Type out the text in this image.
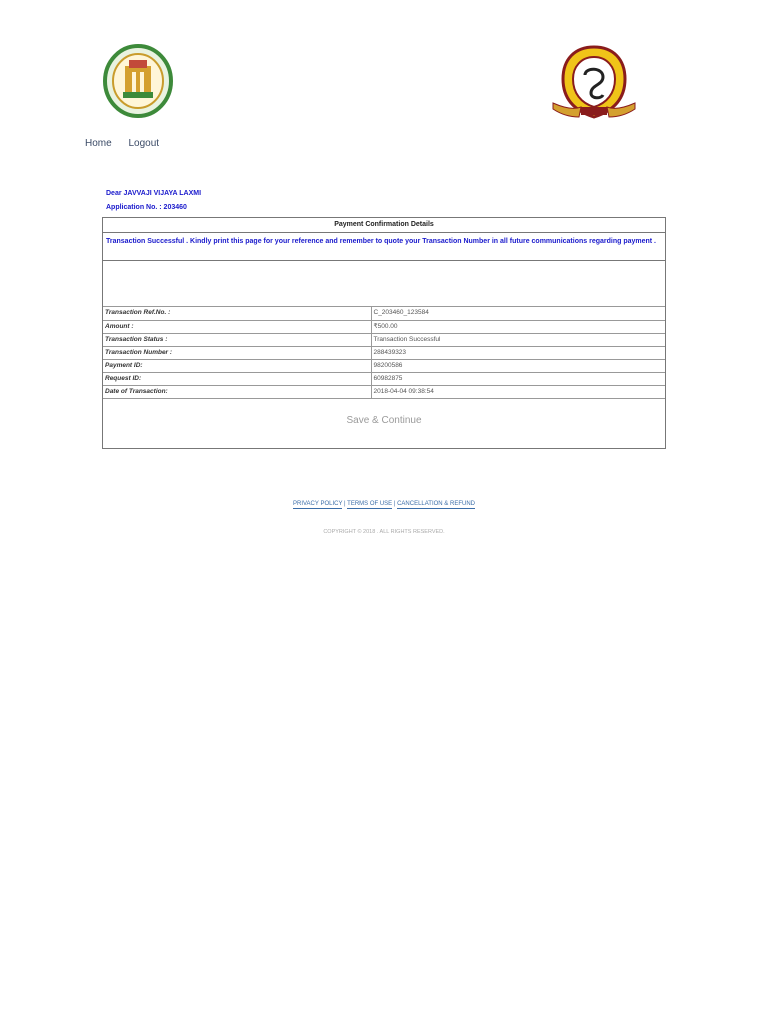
Home Logout
Dear JAVVAJI VIJAYA LAXMI
Application No. : 203460
Payment Confirmation Details
Transaction Successful . Kindly print this page for your reference and remember to quote your Transaction Number in all future communications regarding payment .
Transaction Ref.No. :	C_203460_123584
Amount :	₹500.00
Transaction Status :	Transaction Successful
Transaction Number :	288439323
Payment ID:	98200586
Request ID:	60982875
Date of Transaction:	2018-04-04 09:38:54
Save & Continue
PRIVACY POLICY | TERMS OF USE | CANCELLATION & REFUND
COPYRIGHT © 2018 . ALL RIGHTS RESERVED.
